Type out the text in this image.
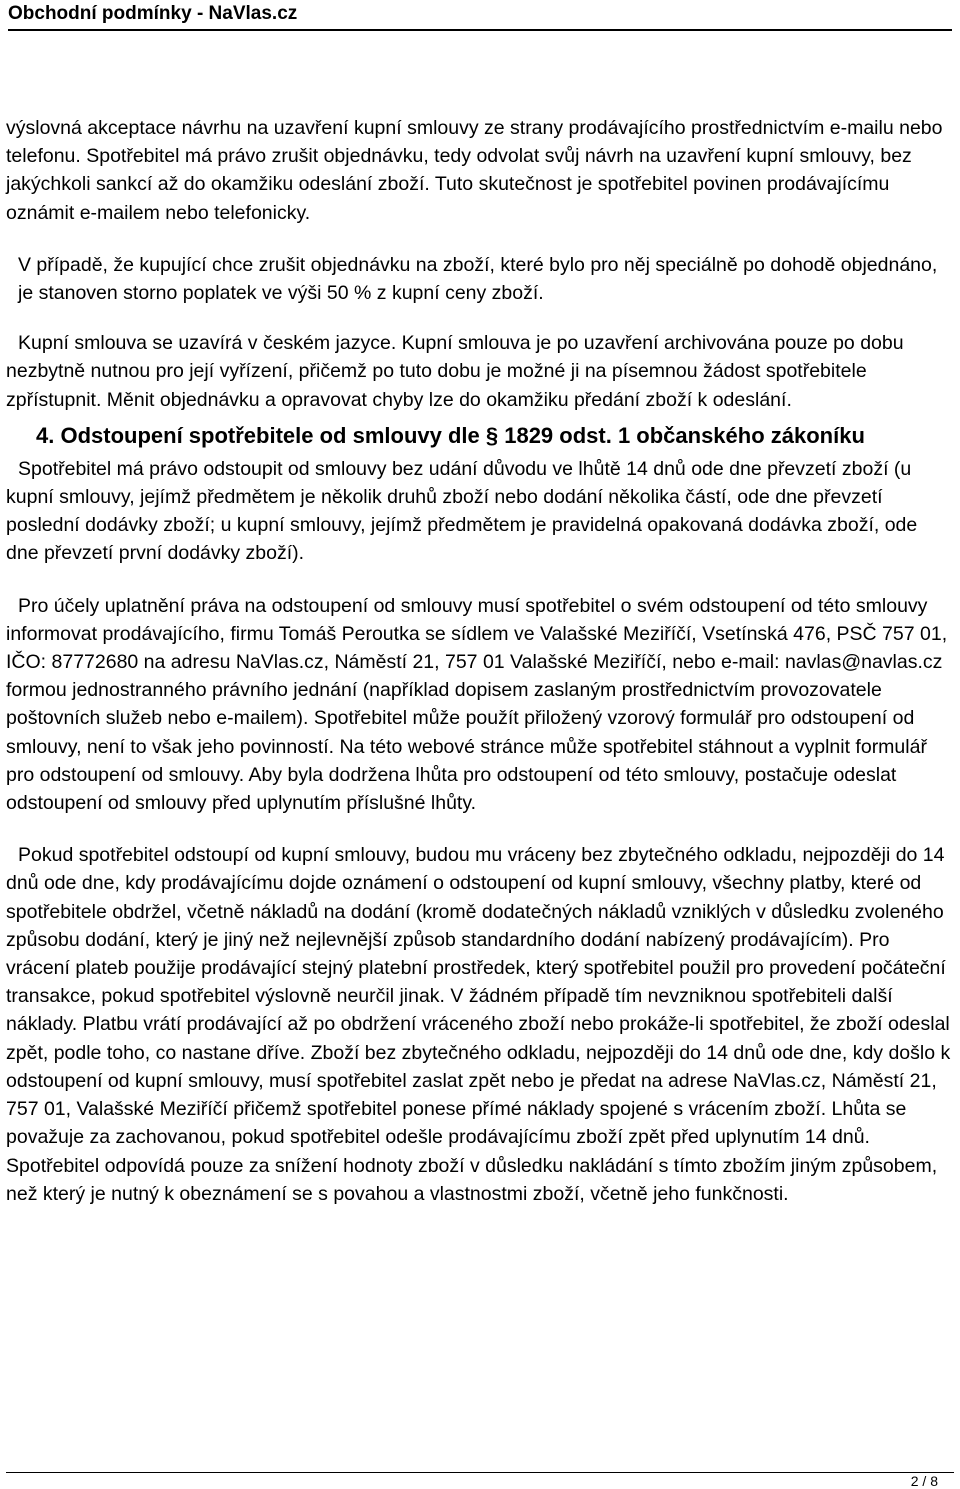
Obchodní podmínky - NaVlas.cz

výslovná akceptace návrhu na uzavření kupní smlouvy ze strany prodávajícího prostřednictvím e-mailu nebo telefonu. Spotřebitel má právo zrušit objednávku, tedy odvolat svůj návrh na uzavření kupní smlouvy, bez jakýchkoli sankcí až do okamžiku odeslání zboží. Tuto skutečnost je spotřebitel povinen prodávajícímu oznámit e-mailem nebo telefonicky.

V případě, že kupující chce zrušit objednávku na zboží, které bylo pro něj speciálně po dohodě objednáno, je stanoven storno poplatek ve výši 50 % z kupní ceny zboží.

Kupní smlouva se uzavírá v českém jazyce. Kupní smlouva je po uzavření archivována pouze po dobu nezbytně nutnou pro její vyřízení, přičemž po tuto dobu je možné ji na písemnou žádost spotřebitele zpřístupnit. Měnit objednávku a opravovat chyby lze do okamžiku předání zboží k odeslání.

4. Odstoupení spotřebitele od smlouvy dle § 1829 odst. 1 občanského zákoníku

Spotřebitel má právo odstoupit od smlouvy bez udání důvodu ve lhůtě 14 dnů ode dne převzetí zboží (u kupní smlouvy, jejímž předmětem je několik druhů zboží nebo dodání několika částí, ode dne převzetí poslední dodávky zboží; u kupní smlouvy, jejímž předmětem je pravidelná opakovaná dodávka zboží, ode dne převzetí první dodávky zboží).

Pro účely uplatnění práva na odstoupení od smlouvy musí spotřebitel o svém odstoupení od této smlouvy informovat prodávajícího, firmu Tomáš Peroutka se sídlem ve Valašské Meziříčí, Vsetínská 476, PSČ 757 01, IČO: 87772680 na adresu NaVlas.cz, Náměstí 21, 757 01 Valašské Meziříčí, nebo e-mail: navlas@navlas.cz formou jednostranného právního jednání (například dopisem zaslaným prostřednictvím provozovatele poštovních služeb nebo e-mailem). Spotřebitel může použít přiložený vzorový formulář pro odstoupení od smlouvy, není to však jeho povinností. Na této webové stránce může spotřebitel stáhnout a vyplnit formulář pro odstoupení od smlouvy. Aby byla dodržena lhůta pro odstoupení od této smlouvy, postačuje odeslat odstoupení od smlouvy před uplynutím příslušné lhůty.

Pokud spotřebitel odstoupí od kupní smlouvy, budou mu vráceny bez zbytečného odkladu, nejpozději do 14 dnů ode dne, kdy prodávajícímu dojde oznámení o odstoupení od kupní smlouvy, všechny platby, které od spotřebitele obdržel, včetně nákladů na dodání (kromě dodatečných nákladů vzniklých v důsledku zvoleného způsobu dodání, který je jiný než nejlevnější způsob standardního dodání nabízený prodávajícím). Pro vrácení plateb použije prodávající stejný platební prostředek, který spotřebitel použil pro provedení počáteční transakce, pokud spotřebitel výslovně neurčil jinak. V žádném případě tím nevzniknou spotřebiteli další náklady. Platbu vrátí prodávající až po obdržení vráceného zboží nebo prokáže-li spotřebitel, že zboží odeslal zpět, podle toho, co nastane dříve. Zboží bez zbytečného odkladu, nejpozději do 14 dnů ode dne, kdy došlo k odstoupení od kupní smlouvy, musí spotřebitel zaslat zpět nebo je předat na adrese NaVlas.cz, Náměstí 21, 757 01, Valašské Meziříčí přičemž spotřebitel ponese přímé náklady spojené s vrácením zboží. Lhůta se považuje za zachovanou, pokud spotřebitel odešle prodávajícímu zboží zpět před uplynutím 14 dnů. Spotřebitel odpovídá pouze za snížení hodnoty zboží v důsledku nakládání s tímto zbožím jiným způsobem, než který je nutný k obeznámení se s povahou a vlastnostmi zboží, včetně jeho funkčnosti.

2 / 8
